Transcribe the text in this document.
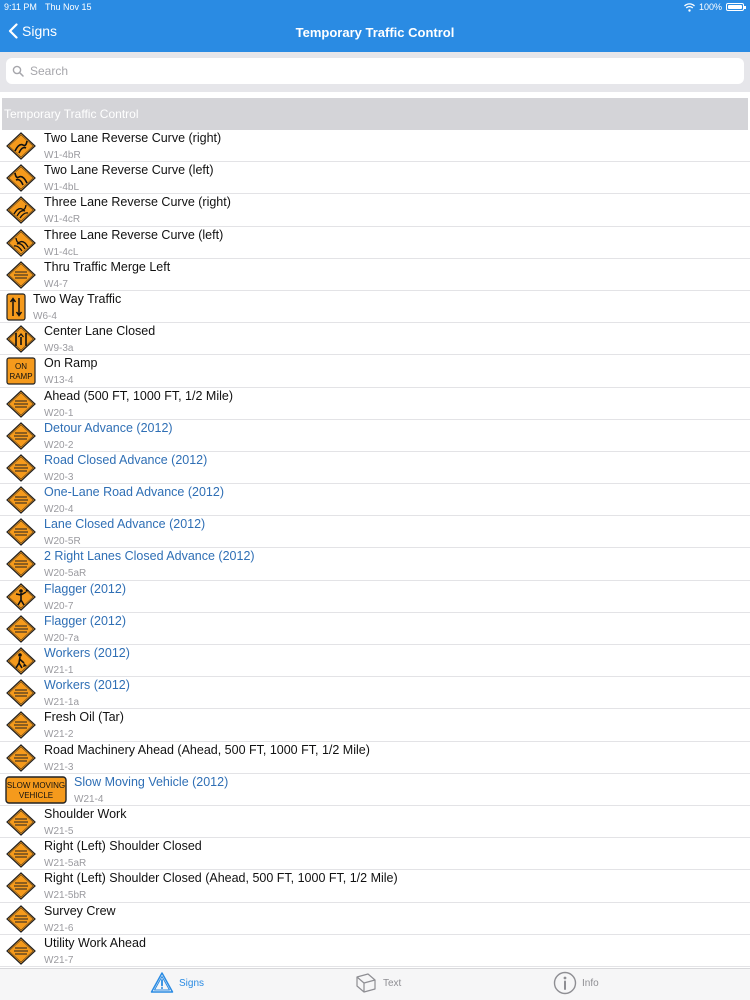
9:11 PM Thu Nov 15	100%
Signs	Temporary Traffic Control
Search
Temporary Traffic Control
Two Lane Reverse Curve (right)
W1-4bR
Two Lane Reverse Curve (left)
W1-4bL
Three Lane Reverse Curve (right)
W1-4cR
Three Lane Reverse Curve (left)
W1-4cL
Thru Traffic Merge Left
W4-7
Two Way Traffic
W6-4
Center Lane Closed
W9-3a
ON
RAMP
On Ramp
W13-4
Ahead (500 FT, 1000 FT, 1/2 Mile)
W20-1
Detour Advance (2012)
W20-2
Road Closed Advance (2012)
W20-3
One-Lane Road Advance (2012)
W20-4
Lane Closed Advance (2012)
W20-5R
2 Right Lanes Closed Advance (2012)
W20-5aR
Flagger (2012)
W20-7
Flagger (2012)
W20-7a
Workers (2012)
W21-1
Workers (2012)
W21-1a
Fresh Oil (Tar)
W21-2
Road Machinery Ahead (Ahead, 500 FT, 1000 FT, 1/2 Mile)
W21-3
SLOW MOVING
VEHICLE
Slow Moving Vehicle (2012)
W21-4
Shoulder Work
W21-5
Right (Left) Shoulder Closed
W21-5aR
Right (Left) Shoulder Closed (Ahead, 500 FT, 1000 FT, 1/2 Mile)
W21-5bR
Survey Crew
W21-6
Utility Work Ahead
W21-7
Signs	Text	Info
